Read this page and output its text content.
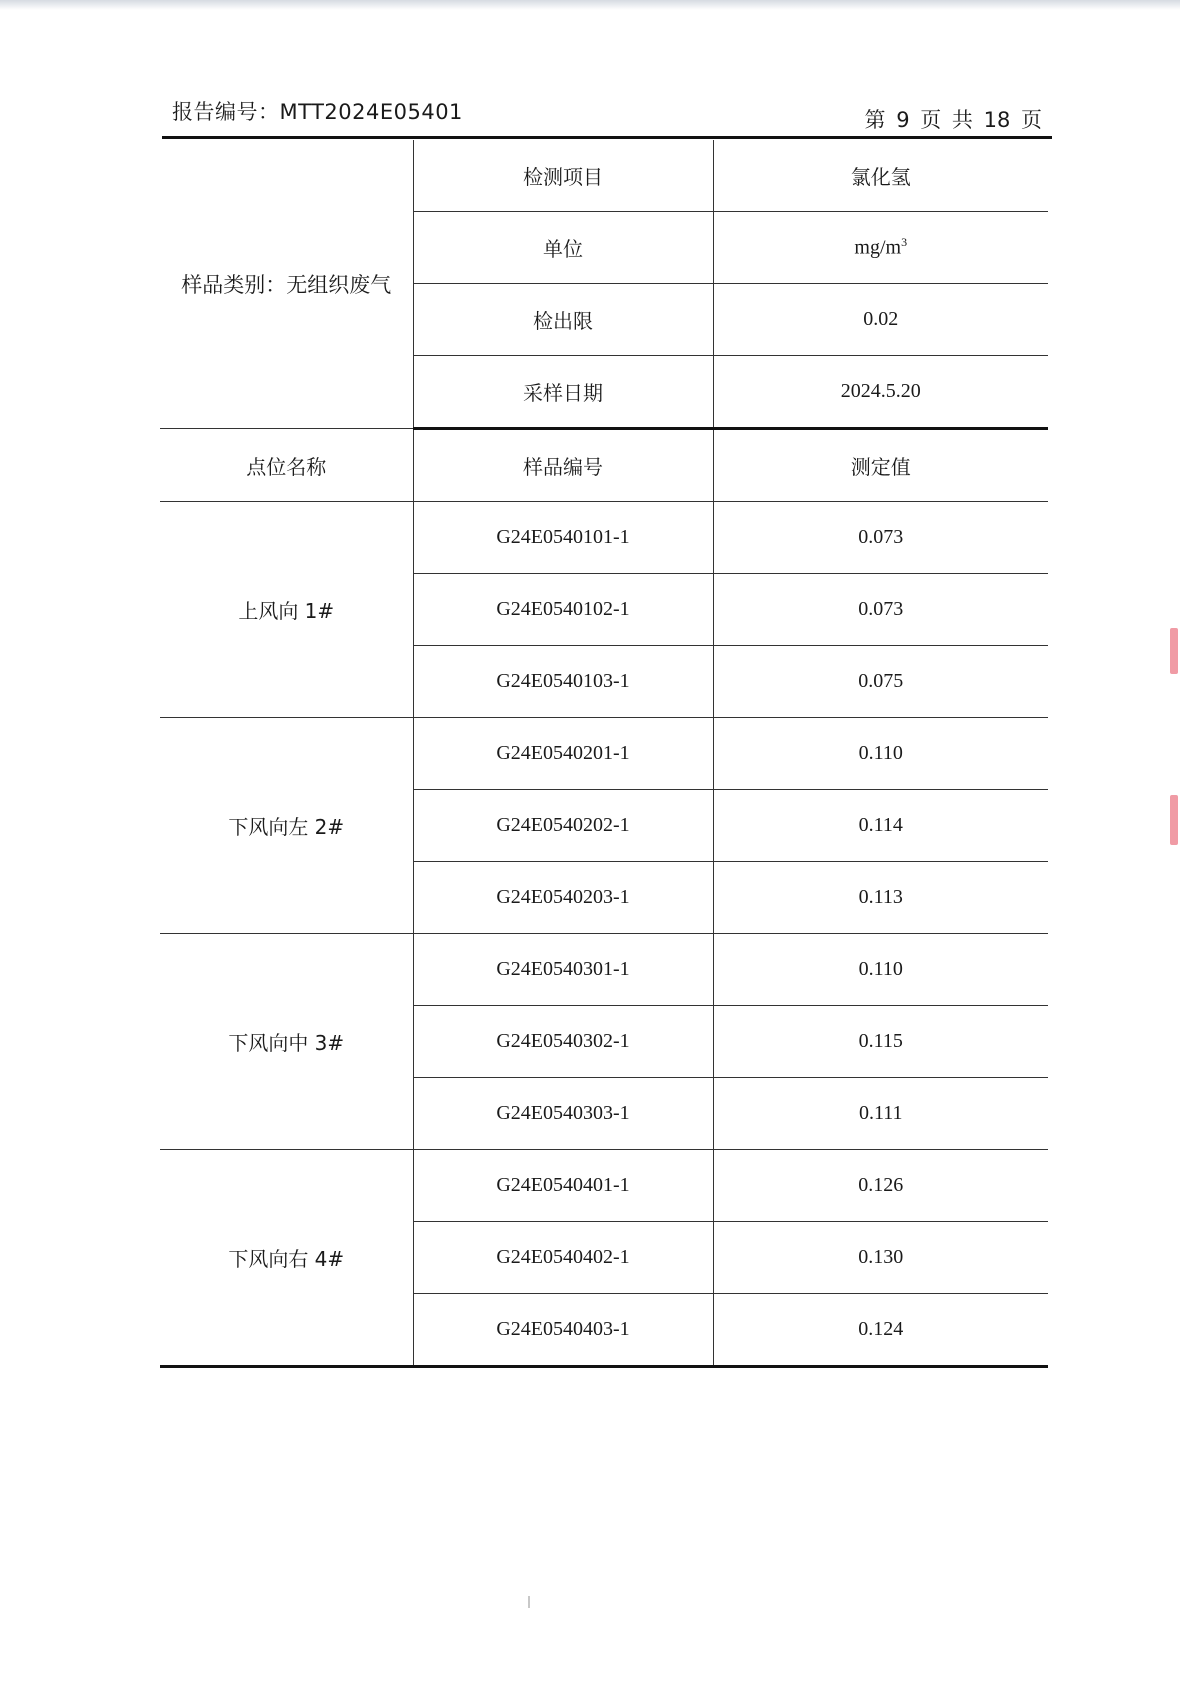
报告编号：MTT2024E05401	第 9 页 共 18 页
样品类别：无组织废气	检测项目	氯化氢
	单位	$mg/m^3$
	检出限	0.02
	采样日期	2024.5.20
点位名称	样品编号	测定值
上风向 1#	G24E0540101-1	0.073
	G24E0540102-1	0.073
	G24E0540103-1	0.075
下风向左 2#	G24E0540201-1	0.110
	G24E0540202-1	0.114
	G24E0540203-1	0.113
下风向中 3#	G24E0540301-1	0.110
	G24E0540302-1	0.115
	G24E0540303-1	0.111
下风向右 4#	G24E0540401-1	0.126
	G24E0540402-1	0.130
	G24E0540403-1	0.124
